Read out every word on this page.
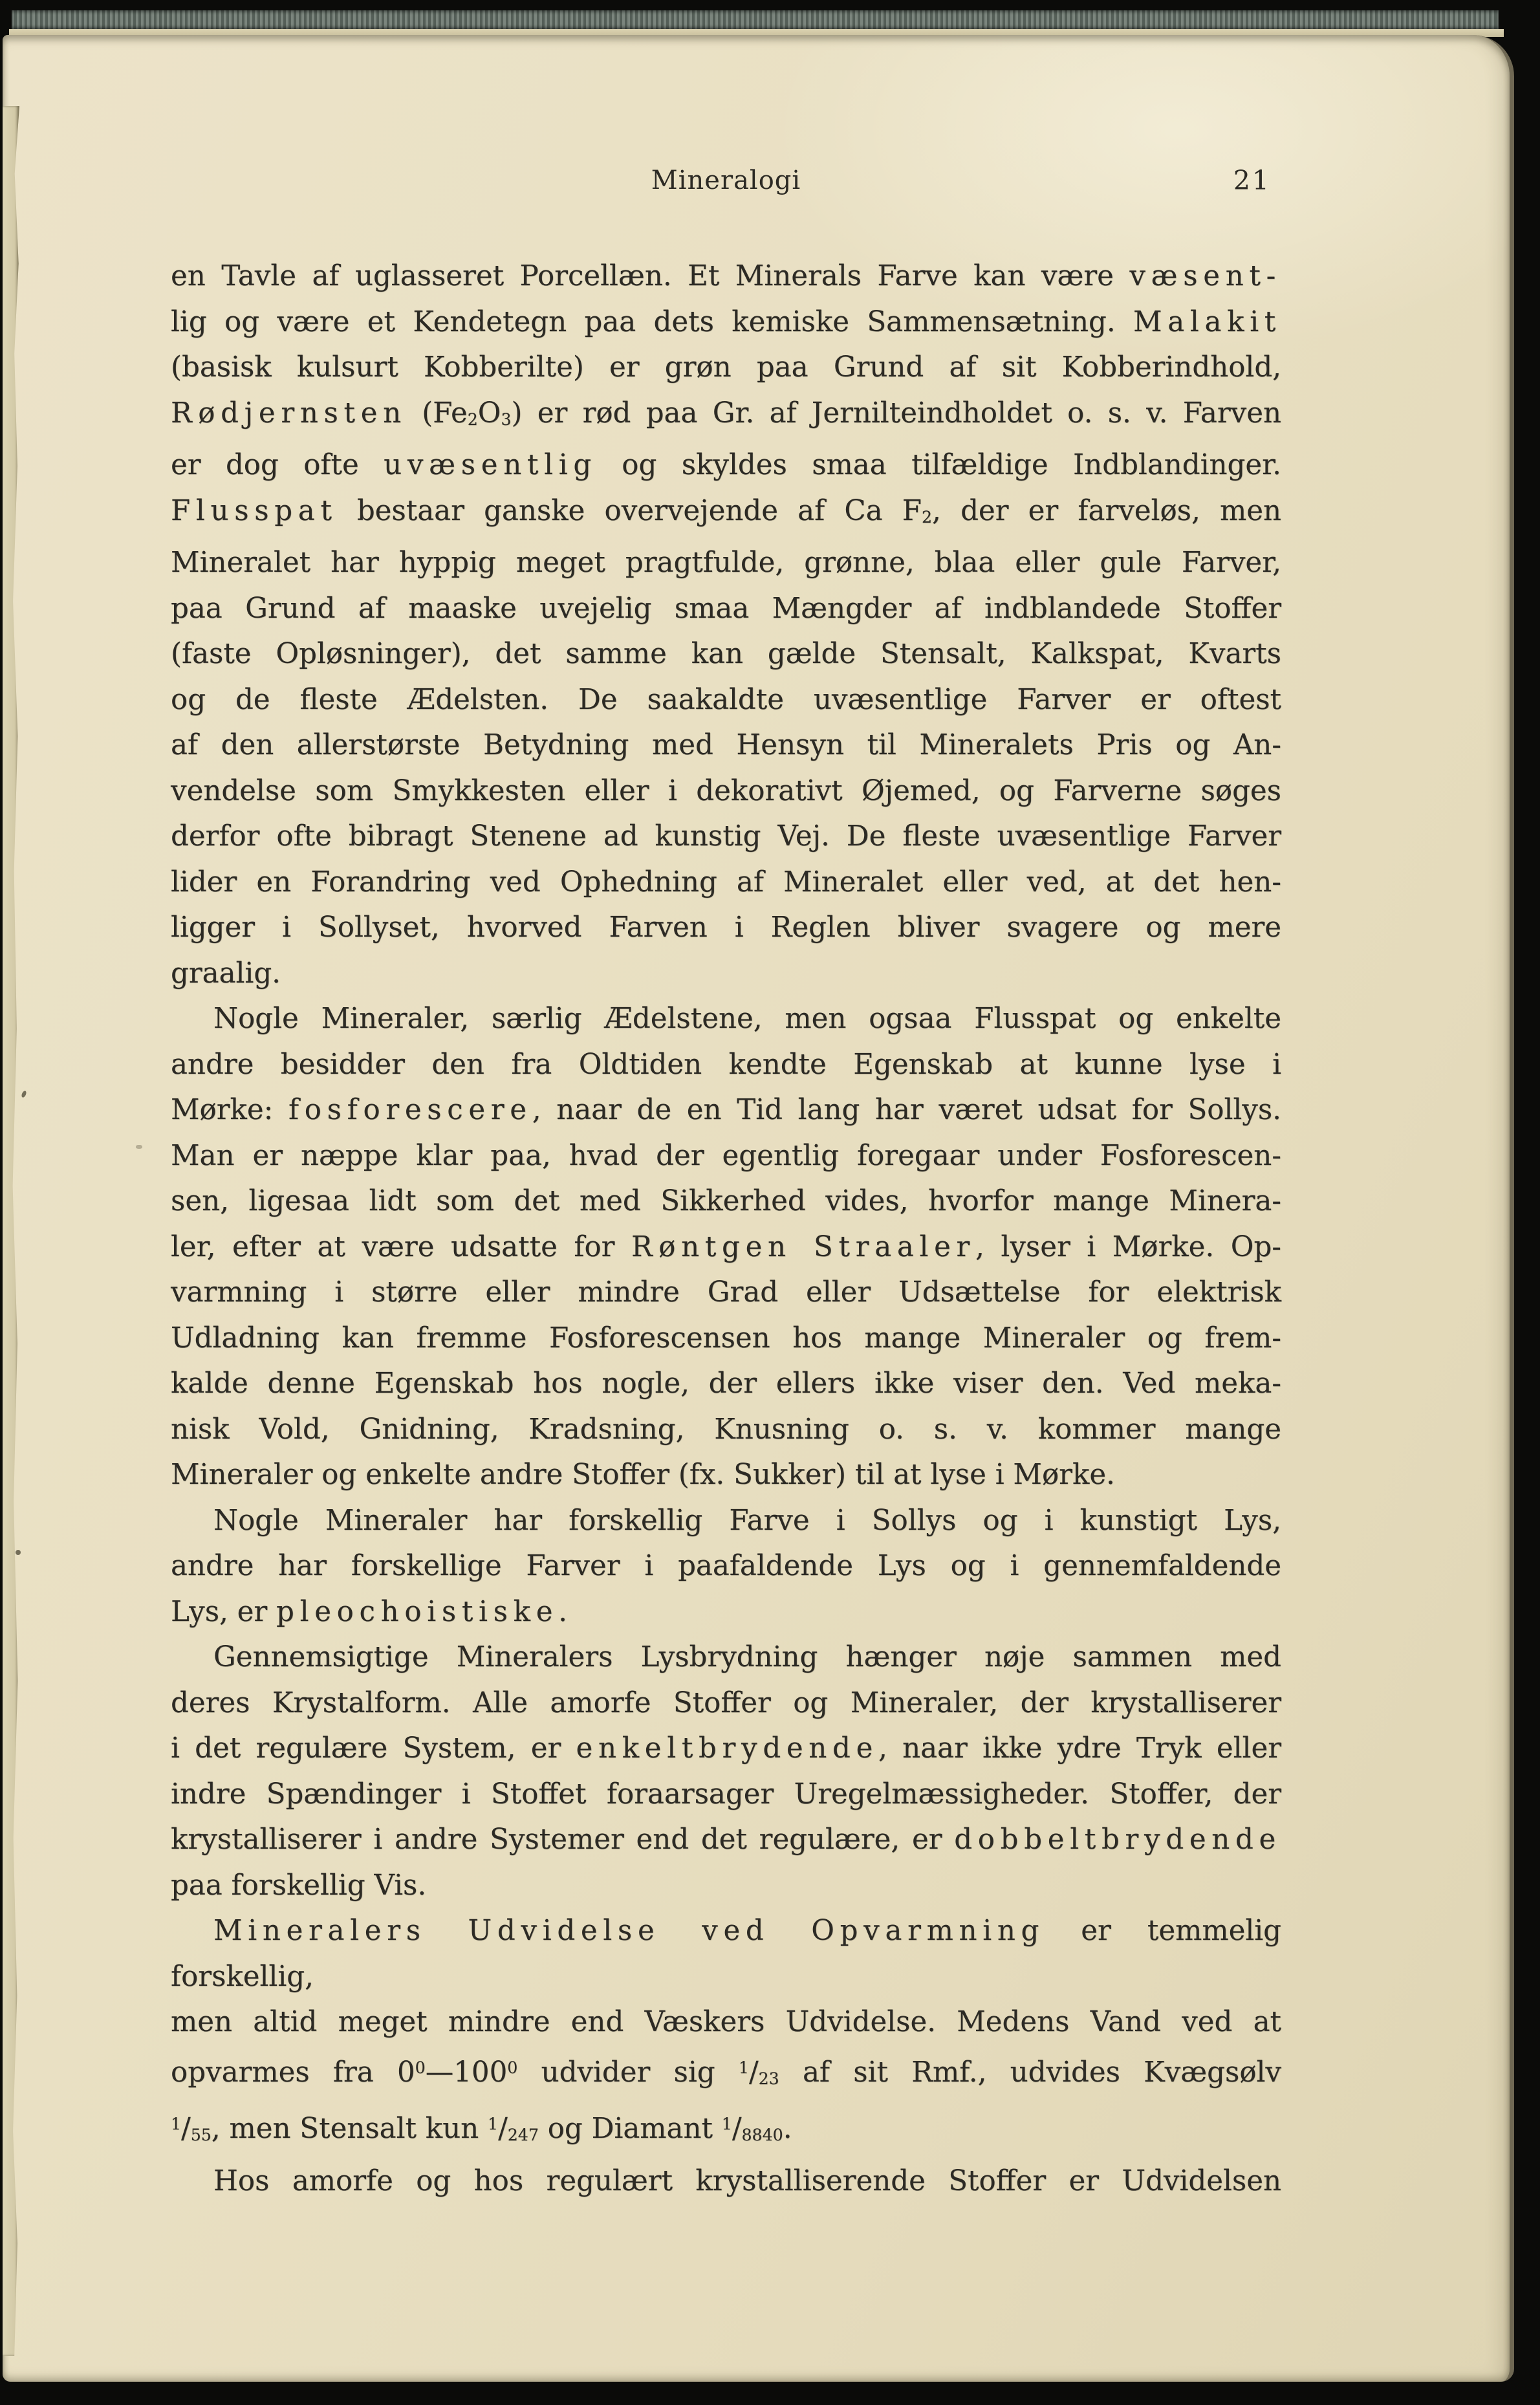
Mineralogi	21
en Tavle af uglasseret Porcellæn. Et Minerals Farve kan være væsent-
lig og være et Kendetegn paa dets kemiske Sammensætning. Malakit
(basisk kulsurt Kobberilte) er grøn paa Grund af sit Kobberindhold,
Rødjernsten (Fe2O3) er rød paa Gr. af Jernilteindholdet o. s. v. Farven
er dog ofte uvæsentlig og skyldes smaa tilfældige Indblandinger.
Flusspat bestaar ganske overvejende af Ca F2, der er farveløs, men
Mineralet har hyppig meget pragtfulde, grønne, blaa eller gule Farver,
paa Grund af maaske uvejelig smaa Mængder af indblandede Stoffer
(faste Opløsninger), det samme kan gælde Stensalt, Kalkspat, Kvarts
og de fleste Ædelsten. De saakaldte uvæsentlige Farver er oftest
af den allerstørste Betydning med Hensyn til Mineralets Pris og An-
vendelse som Smykkesten eller i dekorativt Øjemed, og Farverne søges
derfor ofte bibragt Stenene ad kunstig Vej. De fleste uvæsentlige Farver
lider en Forandring ved Ophedning af Mineralet eller ved, at det hen-
ligger i Sollyset, hvorved Farven i Reglen bliver svagere og mere
graalig.
Nogle Mineraler, særlig Ædelstene, men ogsaa Flusspat og enkelte
andre besidder den fra Oldtiden kendte Egenskab at kunne lyse i
Mørke: fosforescere, naar de en Tid lang har været udsat for Sollys.
Man er næppe klar paa, hvad der egentlig foregaar under Fosforescen-
sen, ligesaa lidt som det med Sikkerhed vides, hvorfor mange Minera-
ler, efter at være udsatte for Røntgen Straaler, lyser i Mørke. Op-
varmning i større eller mindre Grad eller Udsættelse for elektrisk
Udladning kan fremme Fosforescensen hos mange Mineraler og frem-
kalde denne Egenskab hos nogle, der ellers ikke viser den. Ved meka-
nisk Vold, Gnidning, Kradsning, Knusning o. s. v. kommer mange
Mineraler og enkelte andre Stoffer (fx. Sukker) til at lyse i Mørke.
Nogle Mineraler har forskellig Farve i Sollys og i kunstigt Lys,
andre har forskellige Farver i paafaldende Lys og i gennemfaldende
Lys, er pleochoistiske.
Gennemsigtige Mineralers Lysbrydning hænger nøje sammen med
deres Krystalform. Alle amorfe Stoffer og Mineraler, der krystalliserer
i det regulære System, er enkeltbrydende, naar ikke ydre Tryk eller
indre Spændinger i Stoffet foraarsager Uregelmæssigheder. Stoffer, der
krystalliserer i andre Systemer end det regulære, er dobbeltbrydende
paa forskellig Vis.
Mineralers Udvidelse ved Opvarmning er temmelig forskellig,
men altid meget mindre end Væskers Udvidelse. Medens Vand ved at
opvarmes fra $0^0—100^0$ udvider sig $^1$/23 af sit Rmf., udvides Kvægsølv
$^1$/55, men Stensalt kun $^1$/247 og Diamant $^1$/8840.
Hos amorfe og hos regulært krystalliserende Stoffer er Udvidelsen
